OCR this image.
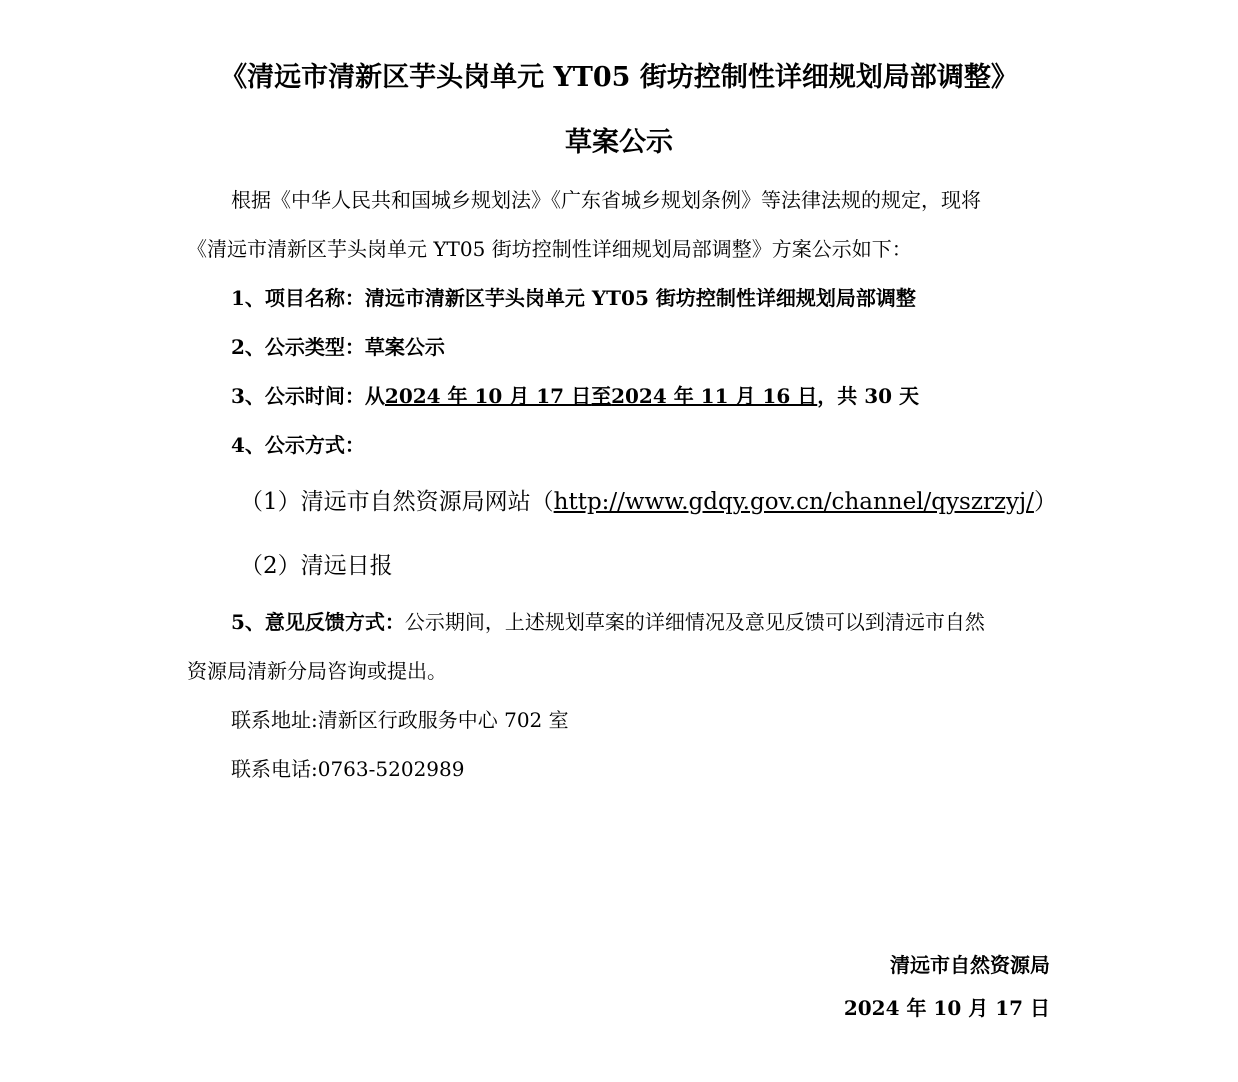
《清远市清新区芋头岗单元 YT05 街坊控制性详细规划局部调整》
草案公示
根据《中华人民共和国城乡规划法》《广东省城乡规划条例》等法律法规的规定，现将
《清远市清新区芋头岗单元 YT05 街坊控制性详细规划局部调整》方案公示如下：
1、项目名称：清远市清新区芋头岗单元 YT05 街坊控制性详细规划局部调整
2、公示类型：草案公示
3、公示时间：从2024 年 10 月 17 日至2024 年 11 月 16 日，共 30 天
4、公示方式：
（1）清远市自然资源局网站（http://www.gdqy.gov.cn/channel/qyszrzyj/）
（2）清远日报
5、意见反馈方式：公示期间，上述规划草案的详细情况及意见反馈可以到清远市自然
资源局清新分局咨询或提出。
联系地址:清新区行政服务中心 702 室
联系电话:0763-5202989
清远市自然资源局
2024 年 10 月 17 日
